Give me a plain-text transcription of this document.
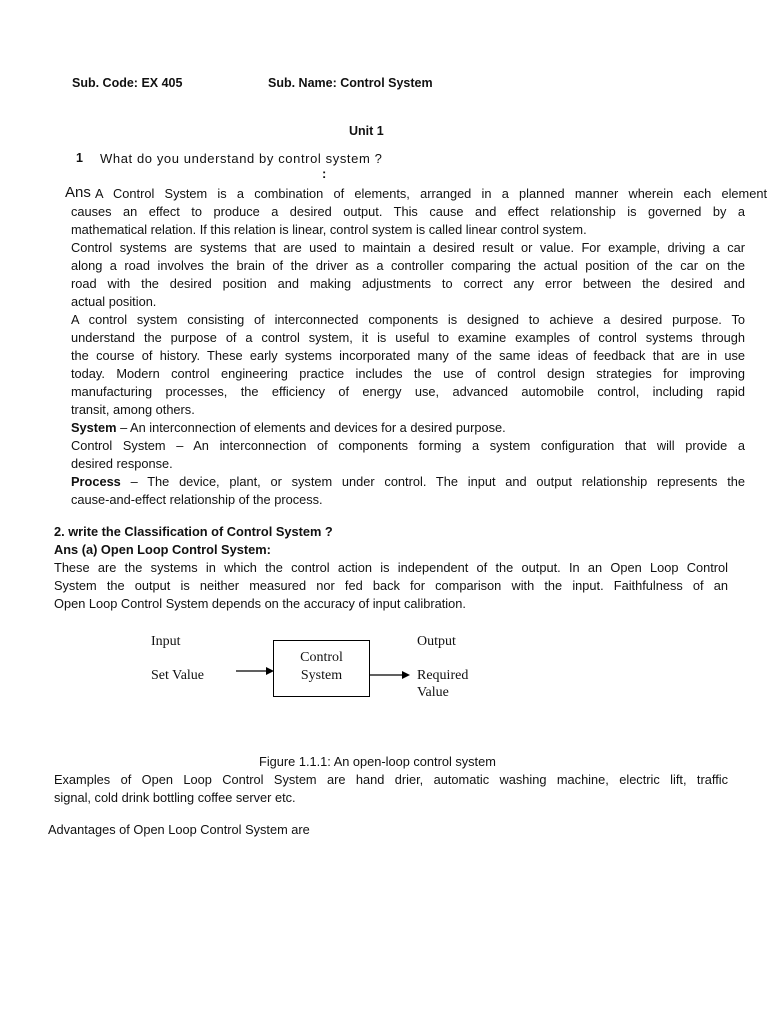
Sub. Code: EX 405	Sub. Name: Control System
Unit 1
1 What do you understand by control system ?
:
Ans A Control System is a combination of elements, arranged in a planned manner wherein each element
causes an effect to produce a desired output. This cause and effect relationship is governed by a
mathematical relation. If this relation is linear, control system is called linear control system.
Control systems are systems that are used to maintain a desired result or value. For example, driving a car
along a road involves the brain of the driver as a controller comparing the actual position of the car on the
road with the desired position and making adjustments to correct any error between the desired and
actual position.
A control system consisting of interconnected components is designed to achieve a desired purpose. To
understand the purpose of a control system, it is useful to examine examples of control systems through
the course of history. These early systems incorporated many of the same ideas of feedback that are in use
today. Modern control engineering practice includes the use of control design strategies for improving
manufacturing processes, the efficiency of energy use, advanced automobile control, including rapid
transit, among others.
System – An interconnection of elements and devices for a desired purpose.
Control System – An interconnection of components forming a system configuration that will provide a
desired response.
Process – The device, plant, or system under control. The input and output relationship represents the
cause-and-effect relationship of the process.
2. write the Classification of Control System ?
Ans (a) Open Loop Control System:
These are the systems in which the control action is independent of the output. In an Open Loop Control
System the output is neither measured nor fed back for comparison with the input. Faithfulness of an
Open Loop Control System depends on the accuracy of input calibration.
Input
Set Value
Control
System
Output
Required
Value
Figure 1.1.1: An open-loop control system
Examples of Open Loop Control System are hand drier, automatic washing machine, electric lift, traffic
signal, cold drink bottling coffee server etc.
Advantages of Open Loop Control System are
